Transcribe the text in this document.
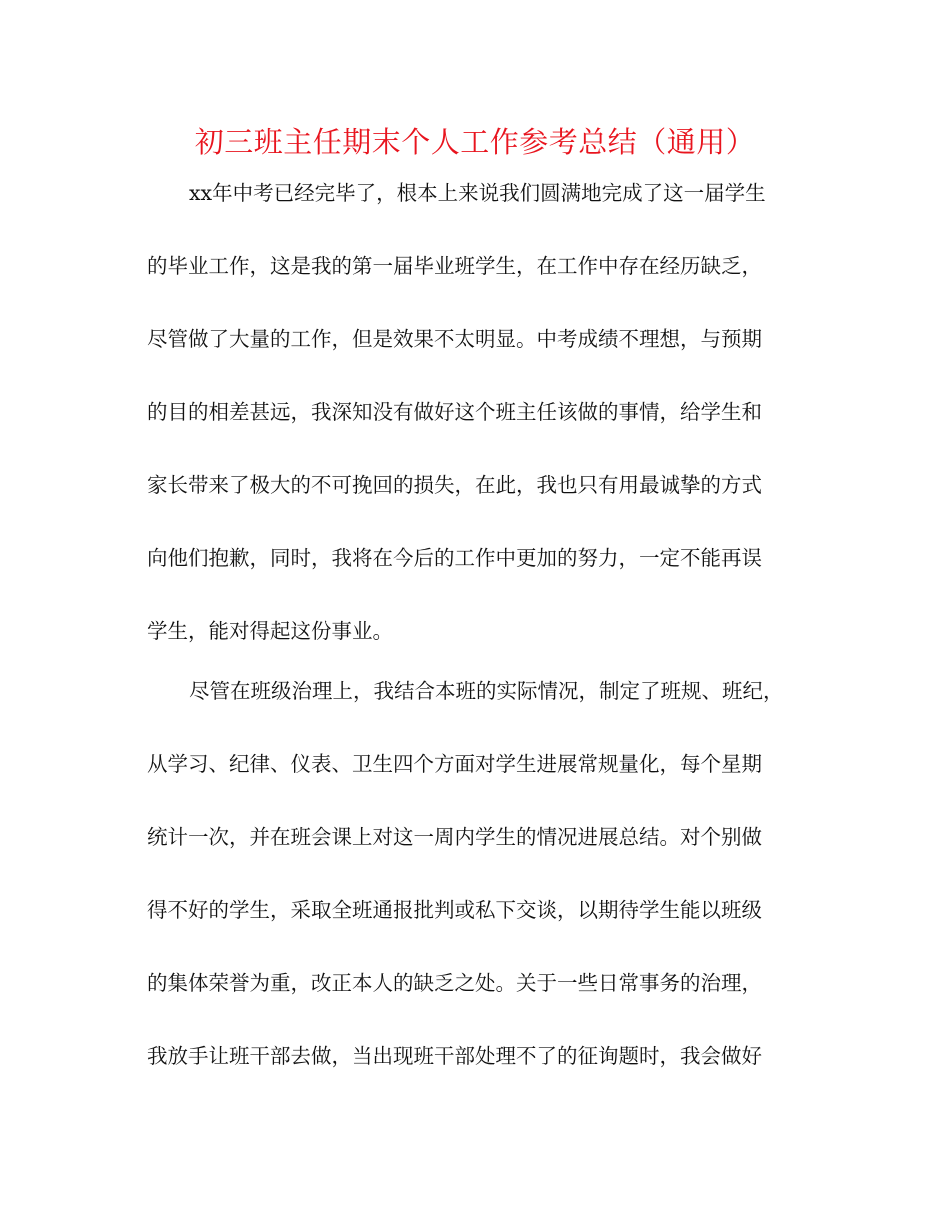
初三班主任期末个人工作参考总结（通用）
xx年中考已经完毕了，根本上来说我们圆满地完成了这一届学生
的毕业工作，这是我的第一届毕业班学生，在工作中存在经历缺乏，
尽管做了大量的工作，但是效果不太明显。中考成绩不理想，与预期
的目的相差甚远，我深知没有做好这个班主任该做的事情，给学生和
家长带来了极大的不可挽回的损失，在此，我也只有用最诚挚的方式
向他们抱歉，同时，我将在今后的工作中更加的努力，一定不能再误
学生，能对得起这份事业。
尽管在班级治理上，我结合本班的实际情况，制定了班规、班纪，
从学习、纪律、仪表、卫生四个方面对学生进展常规量化，每个星期
统计一次，并在班会课上对这一周内学生的情况进展总结。对个别做
得不好的学生，采取全班通报批判或私下交谈，以期待学生能以班级
的集体荣誉为重，改正本人的缺乏之处。关于一些日常事务的治理，
我放手让班干部去做，当出现班干部处理不了的征询题时，我会做好
